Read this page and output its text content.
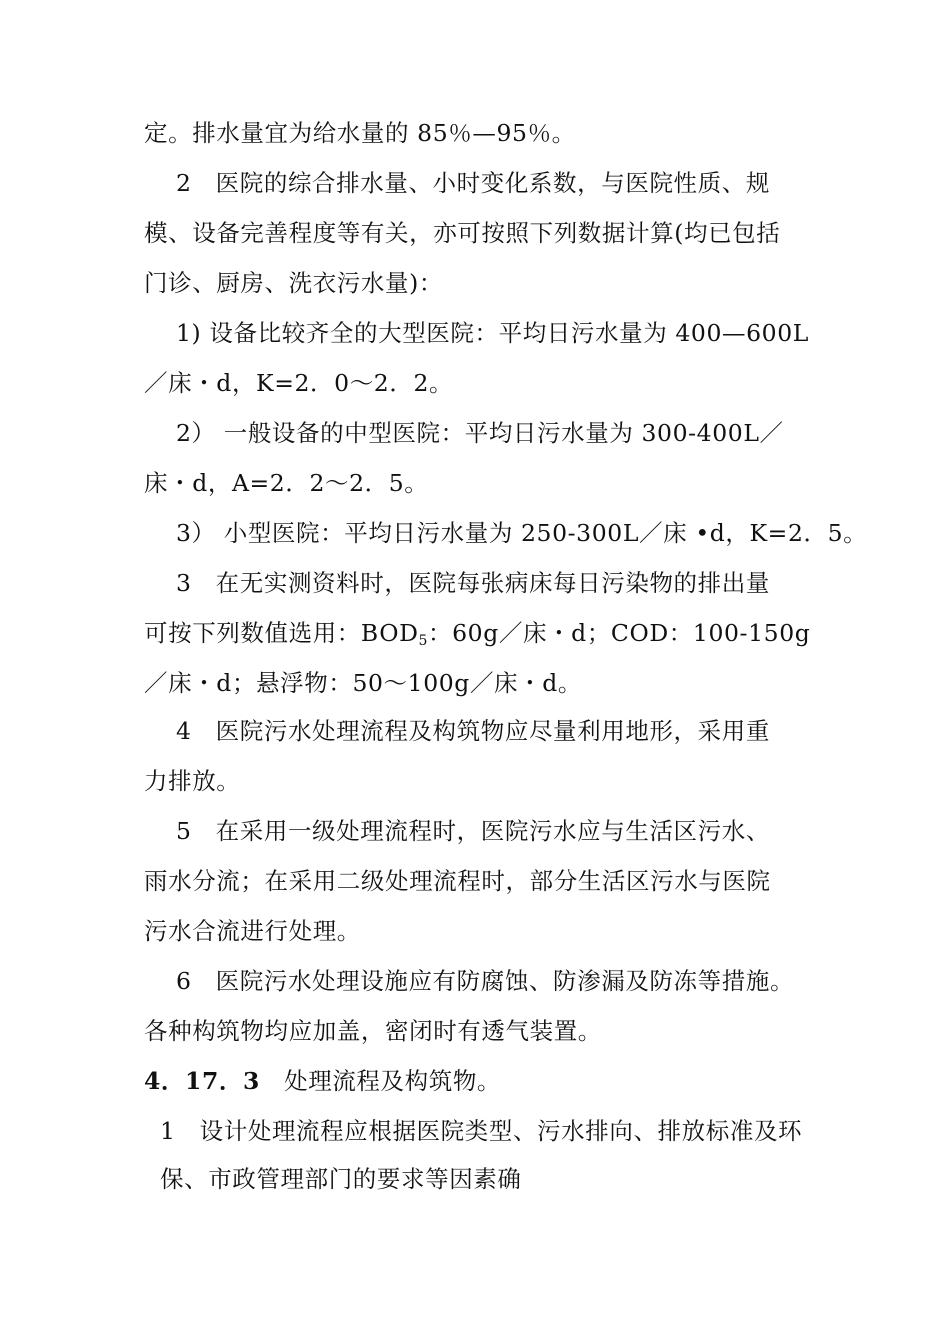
定。排水量宜为给水量的 85％—95％。
2　医院的综合排水量、小时变化系数，与医院性质、规
模、设备完善程度等有关，亦可按照下列数据计算(均已包括
门诊、厨房、洗衣污水量)：
1) 设备比较齐全的大型医院：平均日污水量为 400—600L
／床・d，K=2．0～2．2。
2） 一般设备的中型医院：平均日污水量为 300-400L／
床・d，A=2．2～2．5。
3） 小型医院：平均日污水量为 250-300L／床 •d，K=2．5。
3　在无实测资料时，医院每张病床每日污染物的排出量
可按下列数值选用：$BOD_5$：60g／床・d；COD：100-150g
／床・d；悬浮物：50～100g／床・d。
4　医院污水处理流程及构筑物应尽量利用地形，采用重
力排放。
5　在采用一级处理流程时，医院污水应与生活区污水、
雨水分流；在采用二级处理流程时，部分生活区污水与医院
污水合流进行处理。
6　医院污水处理设施应有防腐蚀、防渗漏及防冻等措施。
各种构筑物均应加盖，密闭时有透气装置。
4．17．3　处理流程及构筑物。
1　设计处理流程应根据医院类型、污水排向、排放标准及环
保、市政管理部门的要求等因素确
